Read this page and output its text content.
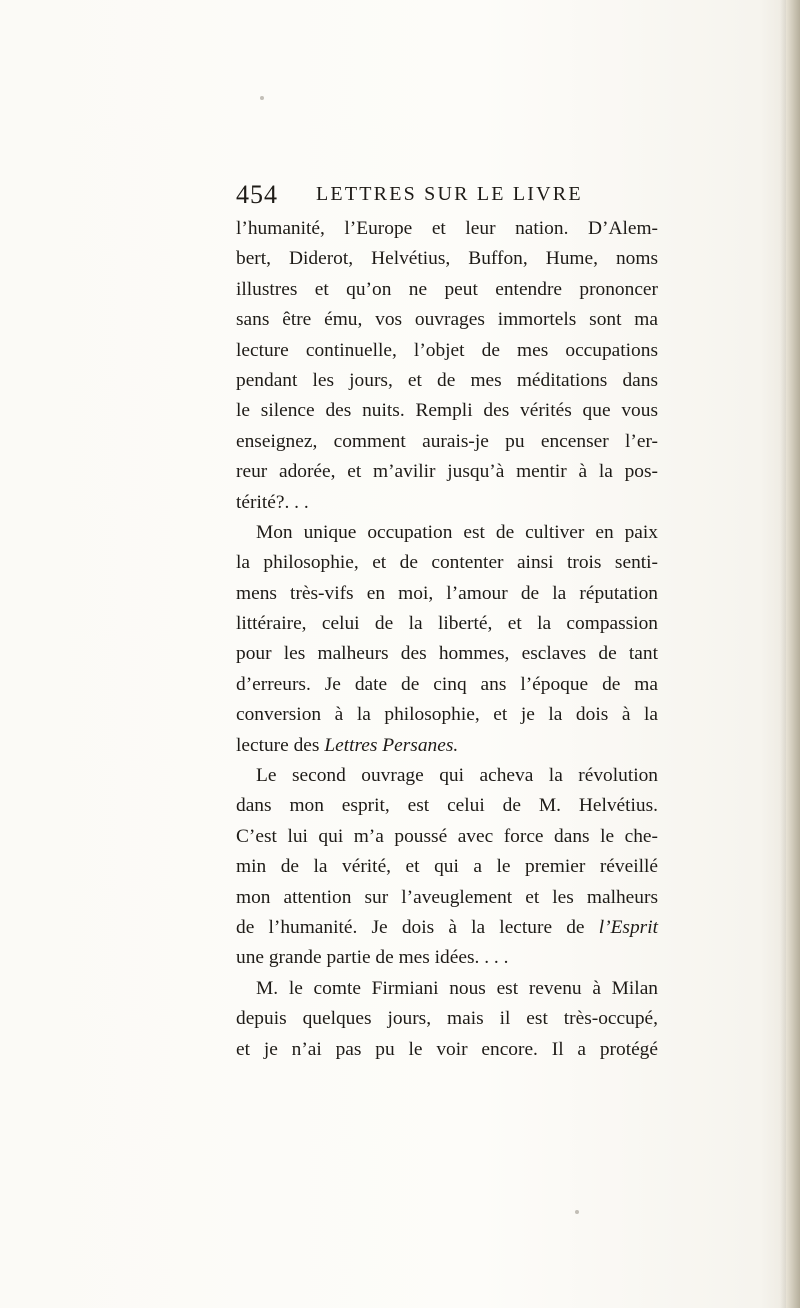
454 LETTRES SUR LE LIVRE
l’humanité, l’Europe et leur nation. D’Alem-
bert, Diderot, Helvétius, Buffon, Hume, noms
illustres et qu’on ne peut entendre prononcer
sans être ému, vos ouvrages immortels sont ma
lecture continuelle, l’objet de mes occupations
pendant les jours, et de mes méditations dans
le silence des nuits. Rempli des vérités que vous
enseignez, comment aurais-je pu encenser l’er-
reur adorée, et m’avilir jusqu’à mentir à la pos-
térité?. . .
Mon unique occupation est de cultiver en paix
la philosophie, et de contenter ainsi trois senti-
mens très-vifs en moi, l’amour de la réputation
littéraire, celui de la liberté, et la compassion
pour les malheurs des hommes, esclaves de tant
d’erreurs. Je date de cinq ans l’époque de ma
conversion à la philosophie, et je la dois à la
lecture des Lettres Persanes.
Le second ouvrage qui acheva la révolution
dans mon esprit, est celui de M. Helvétius.
C’est lui qui m’a poussé avec force dans le che-
min de la vérité, et qui a le premier réveillé
mon attention sur l’aveuglement et les malheurs
de l’humanité. Je dois à la lecture de l’Esprit
une grande partie de mes idées. . . .
M. le comte Firmiani nous est revenu à Milan
depuis quelques jours, mais il est très-occupé,
et je n’ai pas pu le voir encore. Il a protégé
